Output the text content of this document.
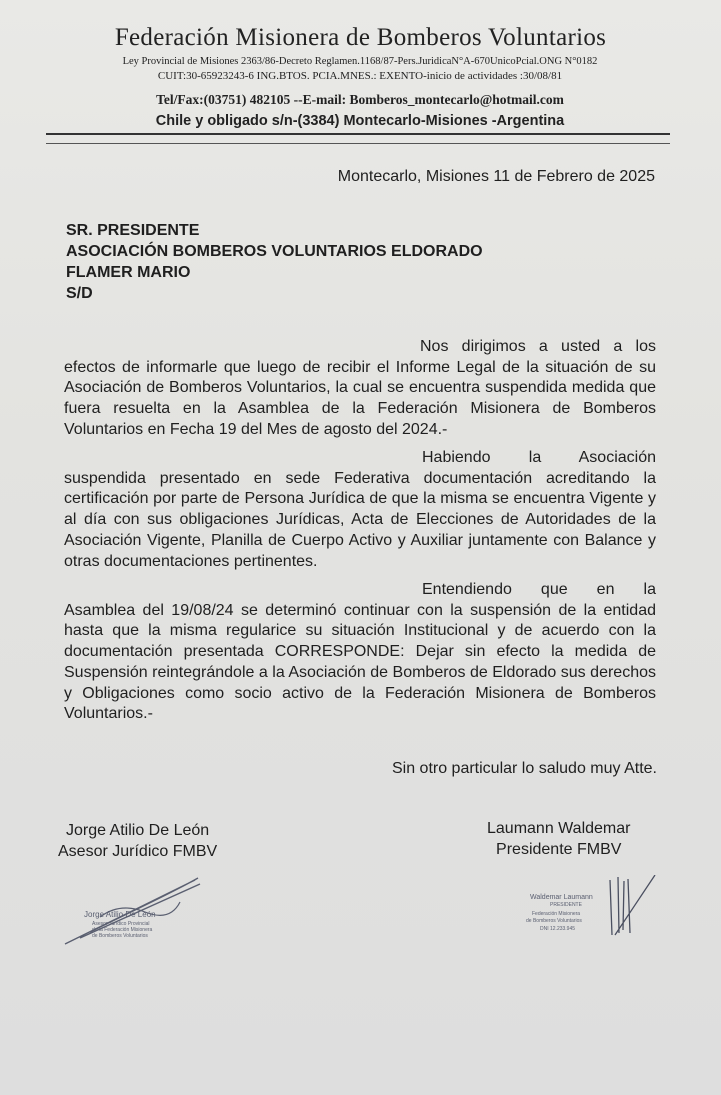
Federación Misionera de Bomberos Voluntarios
Ley Provincial de Misiones 2363/86-Decreto Reglamen.1168/87-Pers.JuridicaN°A-670UnicoPcial.ONG N°0182
CUIT:30-65923243-6 ING.BTOS. PCIA.MNES.: EXENTO-inicio de actividades :30/08/81
Tel/Fax:(03751) 482105 --E-mail: Bomberos_montecarlo@hotmail.com
Chile y obligado s/n-(3384) Montecarlo-Misiones -Argentina
Montecarlo, Misiones 11 de Febrero de 2025
SR. PRESIDENTE
ASOCIACIÓN BOMBEROS VOLUNTARIOS ELDORADO
FLAMER MARIO
S/D
Nos dirigimos a usted a los efectos de informarle que luego de recibir el Informe Legal de la situación de su Asociación de Bomberos Voluntarios, la cual se encuentra suspendida medida que fuera resuelta en la Asamblea de la Federación Misionera de Bomberos Voluntarios en Fecha 19 del Mes de agosto del 2024.-
Habiendo la Asociación suspendida presentado en sede Federativa documentación acreditando la certificación por parte de Persona Jurídica de que la misma se encuentra Vigente y al día con sus obligaciones Jurídicas, Acta de Elecciones de Autoridades de la Asociación Vigente, Planilla de Cuerpo Activo y Auxiliar juntamente con Balance y otras documentaciones pertinentes.
Entendiendo que en la Asamblea del 19/08/24 se determinó continuar con la suspensión de la entidad hasta que la misma regularice su situación Institucional y de acuerdo con la documentación presentada CORRESPONDE: Dejar sin efecto la medida de Suspensión reintegrándole a la Asociación de Bomberos de Eldorado sus derechos y Obligaciones como socio activo de la Federación Misionera de Bomberos Voluntarios.-
Sin otro particular lo saludo muy Atte.
Jorge Atilio De León
Asesor Jurídico FMBV
Laumann Waldemar
Presidente FMBV
Jorge Atilio De León
Asesor Jurídico Provincial
de la Federación Misionera
de Bomberos Voluntarios
Waldemar Laumann
PRESIDENTE
Federación Misionera
de Bomberos Voluntarios
DNI 12.233.945
